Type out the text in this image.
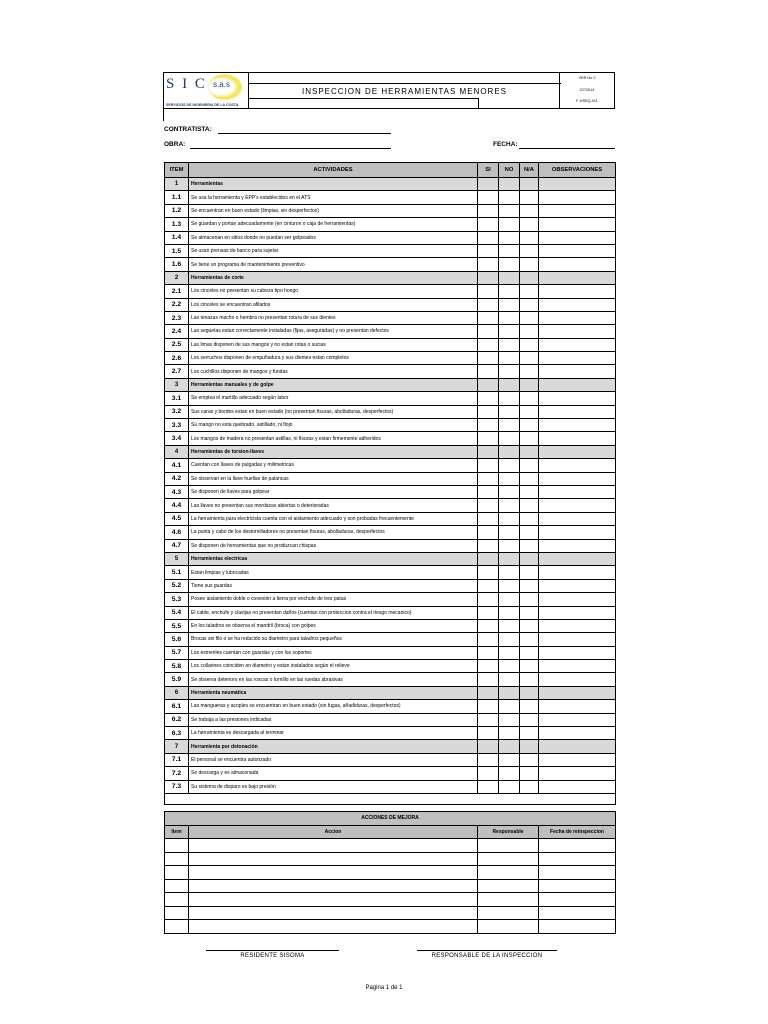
S I C s.a.s
SERVICIOS DE INGENIERIA DE LA COSTA
INSPECCION DE HERRAMIENTAS MENORES
VER No 2
2/7/2014
F-HSEQ-011
CONTRATISTA:
OBRA:	FECHA:
ITEM	ACTIVIDADES	SI	NO	N/A	OBSERVACIONES
1	Herramientas				
1.1	Se usa la herramienta y EPP's establecidos en el ATS				
1.2	Se encuentran en buen estado (limpias, sin desperfectos)				
1.3	Se guardan y portan adecuadamente (en cinturon o caja de herramientas)				
1.4	Se almacenan en sitios donde no puedan ser golpeados				
1.5	Se usan prensas de banco para sujetar				
1.6	Se tiene un programa de mantenimiento preventivo				
2	Herramientas de corte				
2.1	Los cinceles no presentan su cabeza tipo hongo				
2.2	Los cinceles se encuentran afilados				
2.3	Las tenazas macho o hembra no presentan rotura de sus dientes				
2.4	Las seguetas estan correctamente instaladas (fijas, aseguradas) y no presentan defectos				
2.5	Las limas disponen de sus mangos y no estan rotas o sucias				
2.6	Los serruchos disponen de empuñadura y sus dientes estan completos				
2.7	Los cuchillos disponen de mangos y fundas				
3	Herramientas manuales y de golpe				
3.1	Se emplea el martillo adecuado según labor				
3.2	Sus caras y bordes estan en buen estado (no presentan fisuras, abolladuras, desperfectos)				
3.3	Su mango no esta quebrado, astillado, ni flojo				
3.4	Los mangos de madera no presentan astillas, ni fisuras y estan firmemente adheridos				
4	Herramientas de torsion-llaves				
4.1	Cuentan con llaves de pulgadas y milimetricas				
4.2	Se observan en la llave huellas de palancas				
4.3	Se disponen de llaves para golpear				
4.4	Las llaves no presentan sus mordazas abiertas o deterioradas				
4.5	La herramienta para electricista cuenta con el aislamiento adecuado y son probadas frecuentemente				
4.6	La punta y cabo de los destornilladores no presentan fisuras, abolladuras, desperfectos				
4.7	Se disponen de herramientas que no produzcan chispas				
5	Herramientas electricas				
5.1	Estan limpias y lubricadas				
5.2	Tiene sus guardas				
5.3	Posee aislamiento doble o conexión a tierra por enchufe de tres patas				
5.4	El cable, enchufe y clavijas no presentan daños (cuentan con proteccion contra el riesgo mecanico)				
5.5	En los taladros se observa el mandril (broca) con golpes				
5.6	Brocas sin filo o se ha reducido su diametro para taladros pequeños				
5.7	Los esmeriles cuentan con guardas y con los soportes				
5.8	Los collarines coinciden en diametro y estan instalados según el relieve				
5.9	Se observa deterioro en las roscas o tornillo en las ruedas abrasivas				
6	Herramienta neumática				
6.1	Las mangueras y acoples se encuentran en buen estado (sin fugas, añadiduras, desperfectos)				
6.2	Se trabaja a las presiones indicadas				
6.3	La herramienta es descargada al terminar				
7	Herramienta por detonación				
7.1	El personal se encuentra autorizado				
7.2	Se descarga y es almacenada				
7.3	Su sistema de disparo es bajo presión				

ACCIONES DE MEJORA			
Item	Accion	Responsable	Fecha de reinspeccion

RESIDENTE SISOMA	RESPONSABLE DE LA INSPECCION
Pagina 1 de 1
